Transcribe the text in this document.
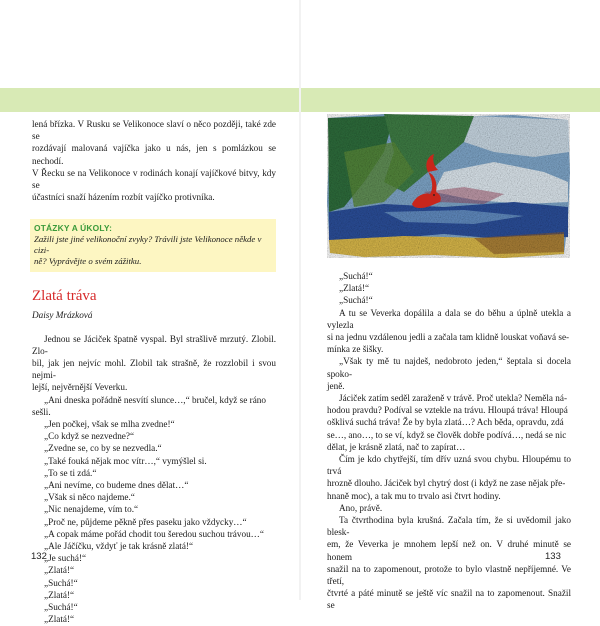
lená břízka. V Rusku se Velikonoce slaví o něco později, také zde se

rozdávají malovaná vajíčka jako u nás, jen s pomlázkou se nechodí.

V Řecku se na Velikonoce v rodinách konají vajíčkové bitvy, kdy se

účastníci snaží házením rozbít vajíčko protivníka.

OTÁZKY A ÚKOLY:

Zažili jste jiné velikonoční zvyky? Trávili jste Velikonoce někde v cizi-

ně? Vyprávějte o svém zážitku.

Zlatá tráva
Daisy Mrázková

Jednou se Jáciček špatně vyspal. Byl strašlivě mrzutý. Zlobil. Zlo-

bil, jak jen nejvíc mohl. Zlobil tak strašně, že rozzlobil i svou nejmi-

lejší, nejvěrnější Veverku.

„Ani dneska pořádně nesvítí slunce…,“ bručel, když se ráno sešli.

„Jen počkej, však se mlha zvedne!“

„Co když se nezvedne?“

„Zvedne se, co by se nezvedla.“

„Také fouká nějak moc vítr…,“ vymýšlel si.

„To se ti zdá.“

„Ani nevíme, co budeme dnes dělat…“

„Však si něco najdeme.“

„Nic nenajdeme, vím to.“

„Proč ne, půjdeme pěkně přes paseku jako vždycky…“

„A copak máme pořád chodit tou šeredou suchou trávou…“

„Ale Jáčíčku, vždyť je tak krásně zlatá!“

„Je suchá!“

„Zlatá!“

„Suchá!“

„Zlatá!“

„Suchá!“

„Zlatá!“

132

„Suchá!“

„Zlatá!“

„Suchá!“

A tu se Veverka dopálila a dala se do běhu a úplně utekla a vylezla

si na jednu vzdálenou jedli a začala tam klidně louskat voňavá se-

mínka ze šišky.

„Však ty mě tu najdeš, nedobroto jeden,“ šeptala si docela spoko-

jeně.

Jáciček zatím seděl zaraženě v trávě. Proč utekla? Neměla ná-

hodou pravdu? Podíval se vztekle na trávu. Hloupá tráva! Hloupá

ošklivá suchá tráva! Že by byla zlatá…? Ach běda, opravdu, zdá

se…, ano…, to se ví, když se člověk dobře podívá…, nedá se nic

dělat, je krásně zlatá, nač to zapírat…

Čím je kdo chytřejší, tím dřív uzná svou chybu. Hloupému to trvá

hrozně dlouho. Jáciček byl chytrý dost (i když ne zase nějak pře-

hnaně moc), a tak mu to trvalo asi čtvrt hodiny.

Ano, právě.

Ta čtvrthodina byla krušná. Začala tím, že si uvědomil jako blesk-

em, že Veverka je mnohem lepší než on. V druhé minutě se honem

snažil na to zapomenout, protože to bylo vlastně nepříjemné. Ve třetí,

čtvrté a páté minutě se ještě víc snažil na to zapomenout. Snažil se

133
